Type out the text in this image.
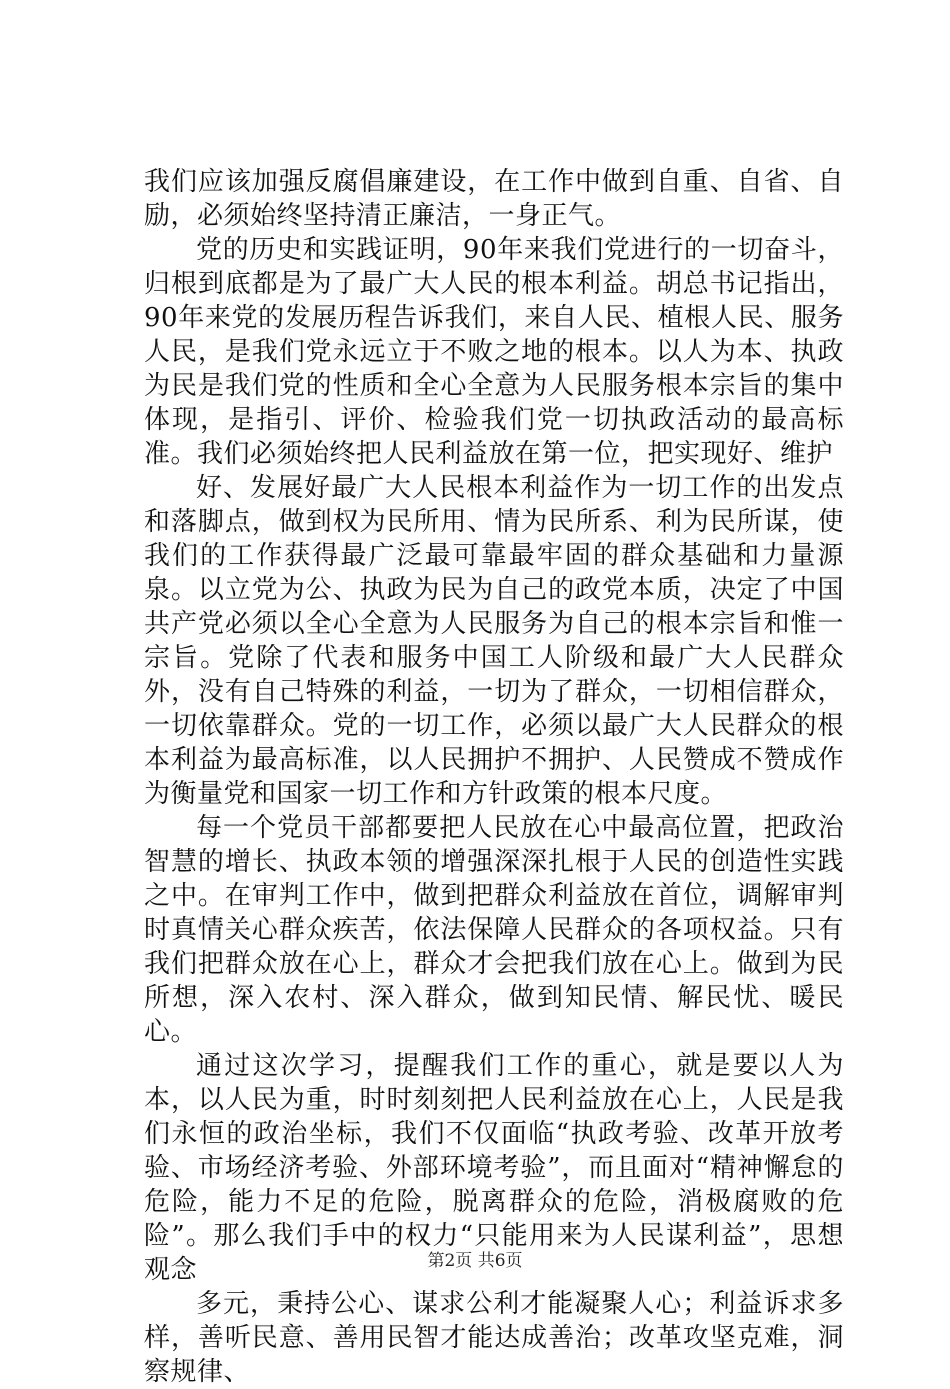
我们应该加强反腐倡廉建设，在工作中做到自重、自省、自励，必须始终坚持清正廉洁，一身正气。

党的历史和实践证明，90年来我们党进行的一切奋斗，归根到底都是为了最广大人民的根本利益。胡总书记指出，90年来党的发展历程告诉我们，来自人民、植根人民、服务人民，是我们党永远立于不败之地的根本。以人为本、执政为民是我们党的性质和全心全意为人民服务根本宗旨的集中体现，是指引、评价、检验我们党一切执政活动的最高标准。我们必须始终把人民利益放在第一位，把实现好、维护

好、发展好最广大人民根本利益作为一切工作的出发点和落脚点，做到权为民所用、情为民所系、利为民所谋，使我们的工作获得最广泛最可靠最牢固的群众基础和力量源泉。以立党为公、执政为民为自己的政党本质，决定了中国共产党必须以全心全意为人民服务为自己的根本宗旨和惟一宗旨。党除了代表和服务中国工人阶级和最广大人民群众外，没有自己特殊的利益，一切为了群众，一切相信群众，一切依靠群众。党的一切工作，必须以最广大人民群众的根本利益为最高标准，以人民拥护不拥护、人民赞成不赞成作为衡量党和国家一切工作和方针政策的根本尺度。

每一个党员干部都要把人民放在心中最高位置，把政治智慧的增长、执政本领的增强深深扎根于人民的创造性实践之中。在审判工作中，做到把群众利益放在首位，调解审判时真情关心群众疾苦，依法保障人民群众的各项权益。只有我们把群众放在心上，群众才会把我们放在心上。做到为民所想，深入农村、深入群众，做到知民情、解民忧、暖民心。

通过这次学习，提醒我们工作的重心，就是要以人为本，以人民为重，时时刻刻把人民利益放在心上，人民是我们永恒的政治坐标，我们不仅面临“执政考验、改革开放考验、市场经济考验、外部环境考验”，而且面对“精神懈怠的危险，能力不足的危险，脱离群众的危险，消极腐败的危险”。那么我们手中的权力“只能用来为人民谋利益”，思想观念

多元，秉持公心、谋求公利才能凝聚人心；利益诉求多样，善听民意、善用民智才能达成善治；改革攻坚克难，洞察规律、

第2页 共6页
